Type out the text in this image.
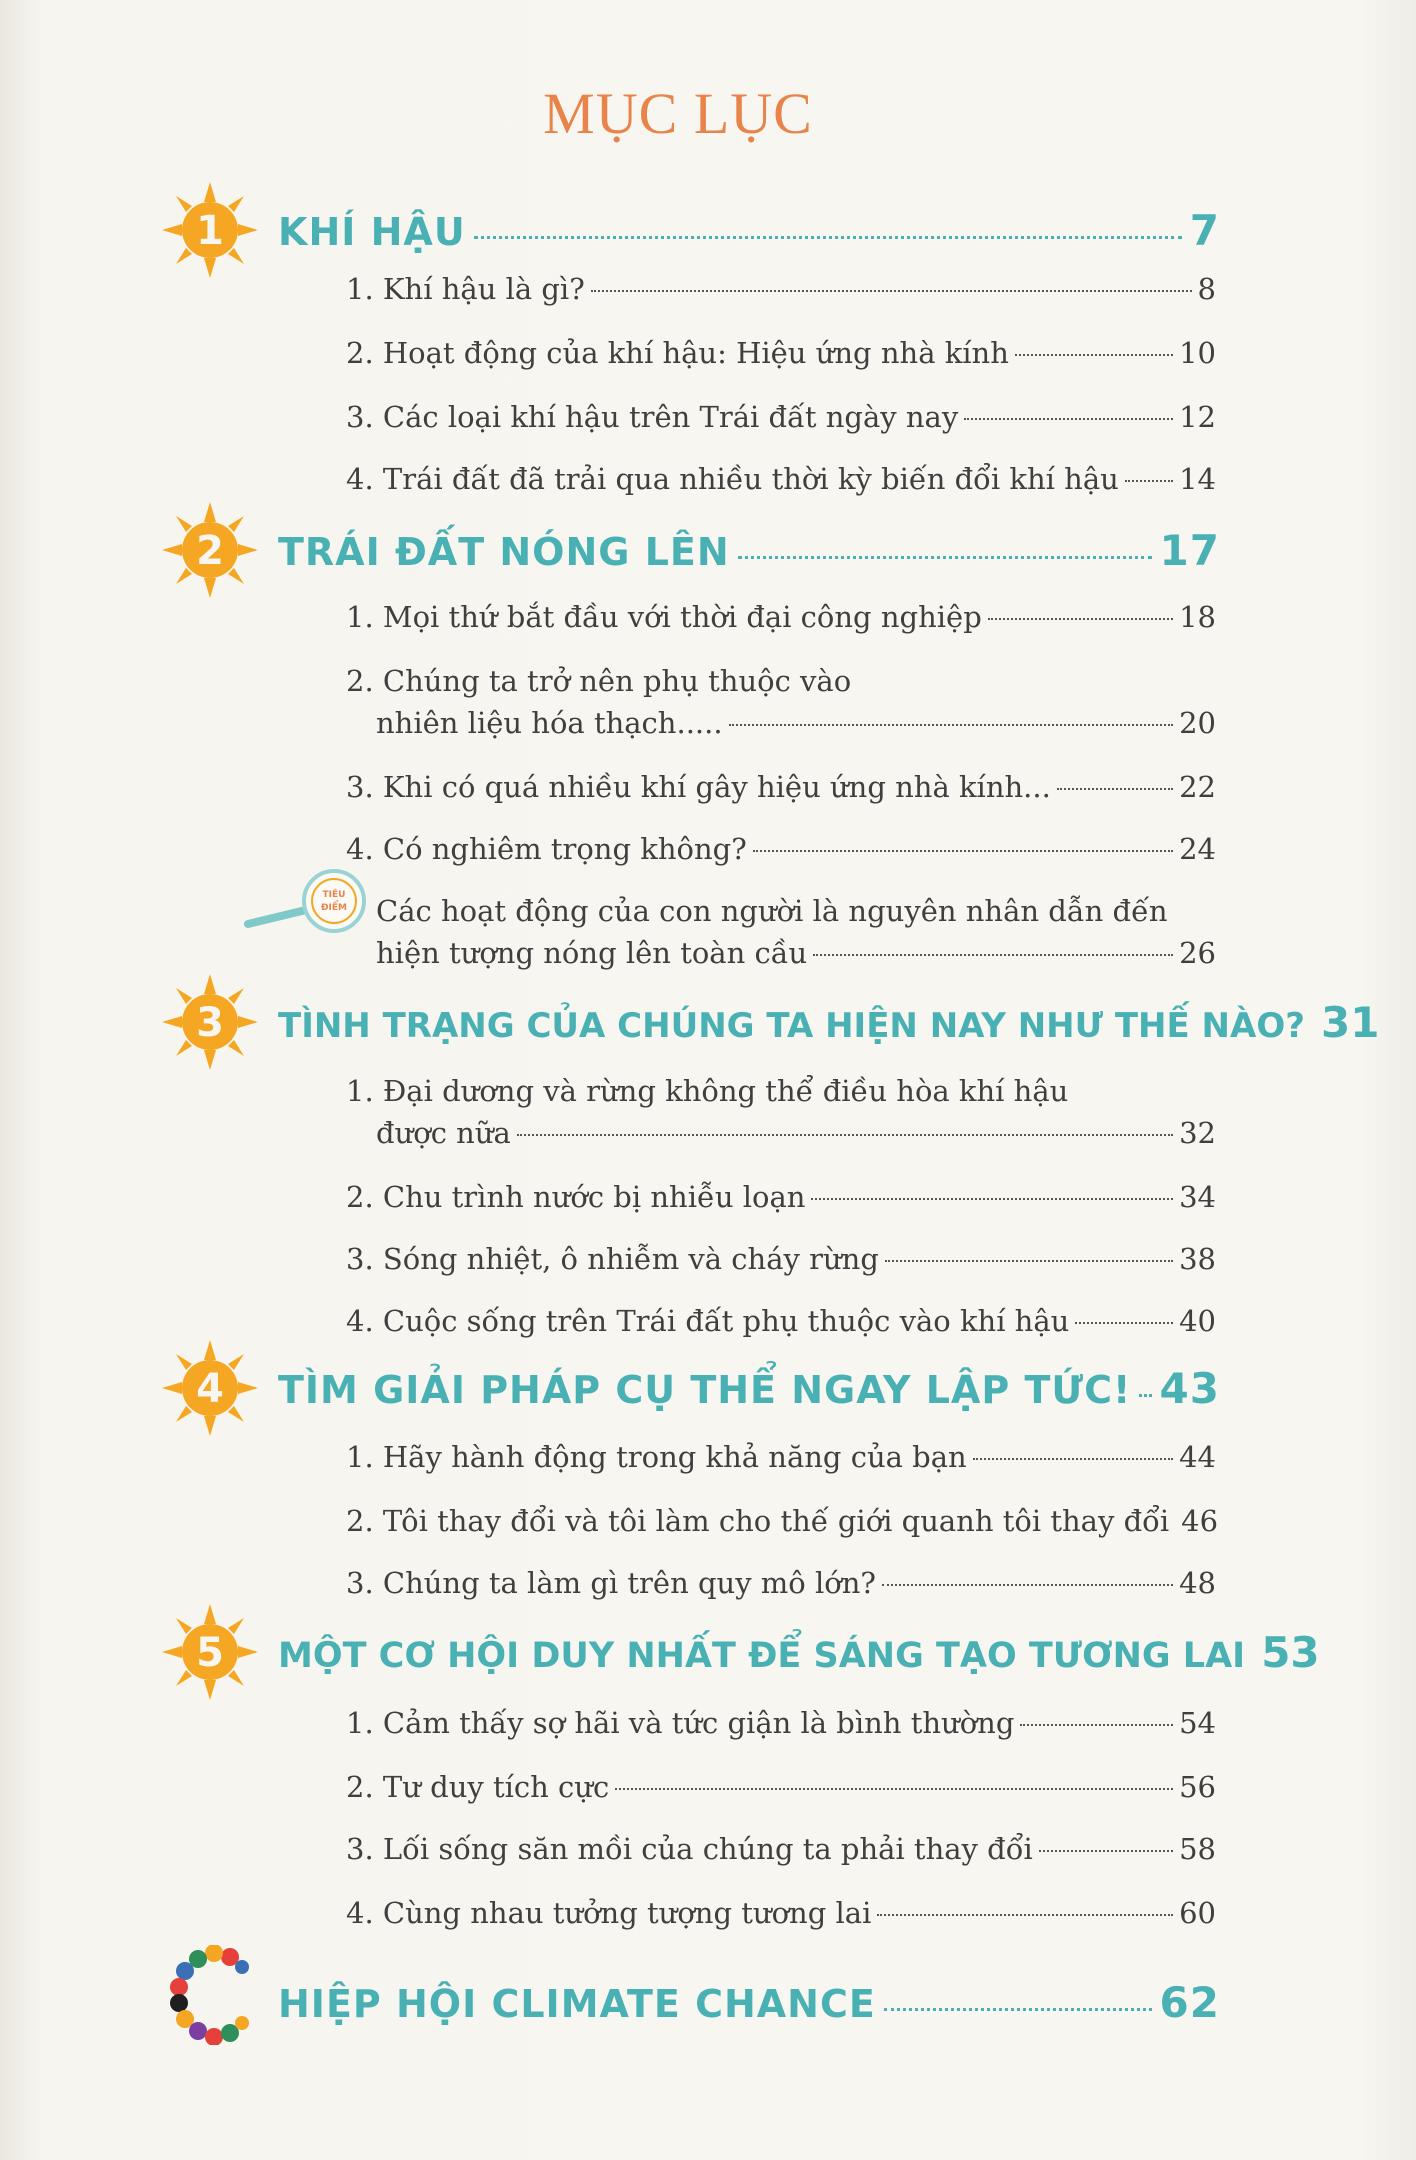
MỤC LỤC
1 KHÍ HẬU	7
1. Khí hậu là gì?	8
2. Hoạt động của khí hậu: Hiệu ứng nhà kính	10
3. Các loại khí hậu trên Trái đất ngày nay	12
4. Trái đất đã trải qua nhiều thời kỳ biến đổi khí hậu 14
2 TRÁI ĐẤT NÓNG LÊN	17
1. Mọi thứ bắt đầu với thời đại công nghiệp	18
2. Chúng ta trở nên phụ thuộc vào
nhiên liệu hóa thạch.....	20
3. Khi có quá nhiều khí gây hiệu ứng nhà kính...	22
4. Có nghiêm trọng không?	24
Các hoạt động của con người là nguyên nhân dẫn đến
hiện tượng nóng lên toàn cầu	26
TIÊU
ĐIỂM
3 TÌNH TRẠNG CỦA CHÚNG TA HIỆN NAY NHƯ THẾ NÀO? 31
1. Đại dương và rừng không thể điều hòa khí hậu
được nữa	32
2. Chu trình nước bị nhiễu loạn	34
3. Sóng nhiệt, ô nhiễm và cháy rừng	38
4. Cuộc sống trên Trái đất phụ thuộc vào khí hậu	40
4 TÌM GIẢI PHÁP CỤ THỂ NGAY LẬP TỨC! 43
1. Hãy hành động trong khả năng của bạn	44
2. Tôi thay đổi và tôi làm cho thế giới quanh tôi thay đổi 46
3. Chúng ta làm gì trên quy mô lớn?	48
5 MỘT CƠ HỘI DUY NHẤT ĐỂ SÁNG TẠO TƯƠNG LAI 53
1. Cảm thấy sợ hãi và tức giận là bình thường	54
2. Tư duy tích cực	56
3. Lối sống săn mồi của chúng ta phải thay đổi	58
4. Cùng nhau tưởng tượng tương lai	60
HIỆP HỘI CLIMATE CHANCE	62
